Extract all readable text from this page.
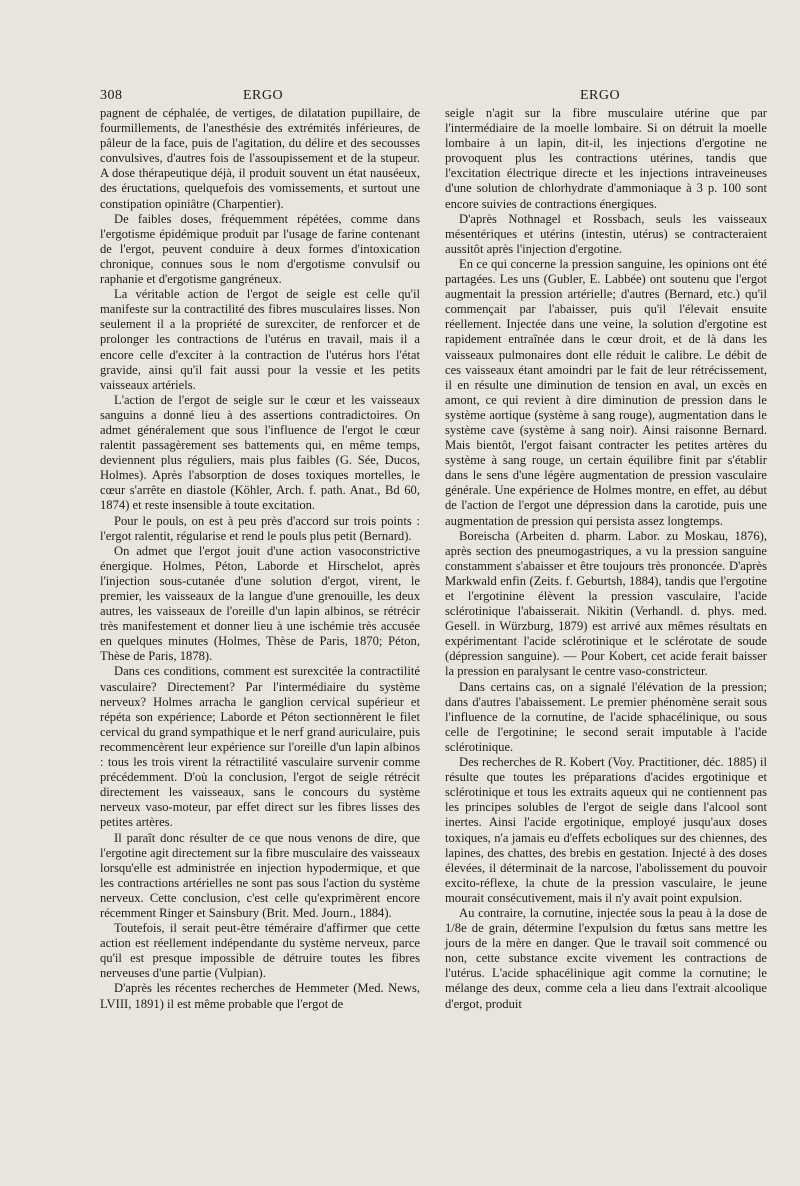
308	ERGO	ERGO

pagnent de céphalée, de vertiges, de dilatation pupillaire, de fourmillements, de l'anesthésie des extrémités inférieures, de pâleur de la face, puis de l'agitation, du délire et des secousses convulsives, d'autres fois de l'assoupissement et de la stupeur. A dose thérapeutique déjà, il produit souvent un état nauséeux, des éructations, quelquefois des vomissements, et surtout une constipation opiniâtre (Charpentier).

De faibles doses, fréquemment répétées, comme dans l'ergotisme épidémique produit par l'usage de farine contenant de l'ergot, peuvent conduire à deux formes d'intoxication chronique, connues sous le nom d'ergotisme convulsif ou raphanie et d'ergotisme gangréneux.

La véritable action de l'ergot de seigle est celle qu'il manifeste sur la contractilité des fibres musculaires lisses. Non seulement il a la propriété de surexciter, de renforcer et de prolonger les contractions de l'utérus en travail, mais il a encore celle d'exciter à la contraction de l'utérus hors l'état gravide, ainsi qu'il fait aussi pour la vessie et les petits vaisseaux artériels.

L'action de l'ergot de seigle sur le cœur et les vaisseaux sanguins a donné lieu à des assertions contradictoires. On admet généralement que sous l'influence de l'ergot le cœur ralentit passagèrement ses battements qui, en même temps, deviennent plus réguliers, mais plus faibles (G. Sée, Ducos, Holmes). Après l'absorption de doses toxiques mortelles, le cœur s'arrête en diastole (Köhler, Arch. f. path. Anat., Bd 60, 1874) et reste insensible à toute excitation.

Pour le pouls, on est à peu près d'accord sur trois points : l'ergot ralentit, régularise et rend le pouls plus petit (Bernard).

On admet que l'ergot jouit d'une action vasoconstrictive énergique. Holmes, Péton, Laborde et Hirschelot, après l'injection sous-cutanée d'une solution d'ergot, virent, le premier, les vaisseaux de la langue d'une grenouille, les deux autres, les vaisseaux de l'oreille d'un lapin albinos, se rétrécir très manifestement et donner lieu à une ischémie très accusée en quelques minutes (Holmes, Thèse de Paris, 1870; Péton, Thèse de Paris, 1878).

Dans ces conditions, comment est surexcitée la contractilité vasculaire? Directement? Par l'intermédiaire du système nerveux? Holmes arracha le ganglion cervical supérieur et répéta son expérience; Laborde et Péton sectionnèrent le filet cervical du grand sympathique et le nerf grand auriculaire, puis recommencèrent leur expérience sur l'oreille d'un lapin albinos : tous les trois virent la rétractilité vasculaire survenir comme précédemment. D'où la conclusion, l'ergot de seigle rétrécit directement les vaisseaux, sans le concours du système nerveux vaso-moteur, par effet direct sur les fibres lisses des petites artères.

Il paraît donc résulter de ce que nous venons de dire, que l'ergotine agit directement sur la fibre musculaire des vaisseaux lorsqu'elle est administrée en injection hypodermique, et que les contractions artérielles ne sont pas sous l'action du système nerveux. Cette conclusion, c'est celle qu'exprimèrent encore récemment Ringer et Sainsbury (Brit. Med. Journ., 1884).

Toutefois, il serait peut-être téméraire d'affirmer que cette action est réellement indépendante du système nerveux, parce qu'il est presque impossible de détruire toutes les fibres nerveuses d'une partie (Vulpian).

D'après les récentes recherches de Hemmeter (Med. News, LVIII, 1891) il est même probable que l'ergot de

seigle n'agit sur la fibre musculaire utérine que par l'intermédiaire de la moelle lombaire. Si on détruit la moelle lombaire à un lapin, dit-il, les injections d'ergotine ne provoquent plus les contractions utérines, tandis que l'excitation électrique directe et les injections intraveineuses d'une solution de chlorhydrate d'ammoniaque à 3 p. 100 sont encore suivies de contractions énergiques.

D'après Nothnagel et Rossbach, seuls les vaisseaux mésentériques et utérins (intestin, utérus) se contracteraient aussitôt après l'injection d'ergotine.

En ce qui concerne la pression sanguine, les opinions ont été partagées. Les uns (Gubler, E. Labbée) ont soutenu que l'ergot augmentait la pression artérielle; d'autres (Bernard, etc.) qu'il commençait par l'abaisser, puis qu'il l'élevait ensuite réellement. Injectée dans une veine, la solution d'ergotine est rapidement entraînée dans le cœur droit, et de là dans les vaisseaux pulmonaires dont elle réduit le calibre. Le débit de ces vaisseaux étant amoindri par le fait de leur rétrécissement, il en résulte une diminution de tension en aval, un excès en amont, ce qui revient à dire diminution de pression dans le système aortique (système à sang rouge), augmentation dans le système cave (système à sang noir). Ainsi raisonne Bernard. Mais bientôt, l'ergot faisant contracter les petites artères du système à sang rouge, un certain équilibre finit par s'établir dans le sens d'une légère augmentation de pression vasculaire générale. Une expérience de Holmes montre, en effet, au début de l'action de l'ergot une dépression dans la carotide, puis une augmentation de pression qui persista assez longtemps.

Boreischa (Arbeiten d. pharm. Labor. zu Moskau, 1876), après section des pneumogastriques, a vu la pression sanguine constamment s'abaisser et être toujours très prononcée. D'après Markwald enfin (Zeits. f. Geburtsh, 1884), tandis que l'ergotine et l'ergotinine élèvent la pression vasculaire, l'acide sclérotinique l'abaisserait. Nikitin (Verhandl. d. phys. med. Gesell. in Würzburg, 1879) est arrivé aux mêmes résultats en expérimentant l'acide sclérotinique et le sclérotate de soude (dépression sanguine). — Pour Kobert, cet acide ferait baisser la pression en paralysant le centre vaso-constricteur.

Dans certains cas, on a signalé l'élévation de la pression; dans d'autres l'abaissement. Le premier phénomène serait sous l'influence de la cornutine, de l'acide sphacélinique, ou sous celle de l'ergotinine; le second serait imputable à l'acide sclérotinique.

Des recherches de R. Kobert (Voy. Practitioner, déc. 1885) il résulte que toutes les préparations d'acides ergotinique et sclérotinique et tous les extraits aqueux qui ne contiennent pas les principes solubles de l'ergot de seigle dans l'alcool sont inertes. Ainsi l'acide ergotinique, employé jusqu'aux doses toxiques, n'a jamais eu d'effets ecboliques sur des chiennes, des lapines, des chattes, des brebis en gestation. Injecté à des doses élevées, il déterminait de la narcose, l'abolissement du pouvoir excito-réflexe, la chute de la pression vasculaire, le jeune mourait consécutivement, mais il n'y avait point expulsion.

Au contraire, la cornutine, injectée sous la peau à la dose de 1/8e de grain, détermine l'expulsion du fœtus sans mettre les jours de la mère en danger. Que le travail soit commencé ou non, cette substance excite vivement les contractions de l'utérus. L'acide sphacélinique agit comme la cornutine; le mélange des deux, comme cela a lieu dans l'extrait alcoolique d'ergot, produit
